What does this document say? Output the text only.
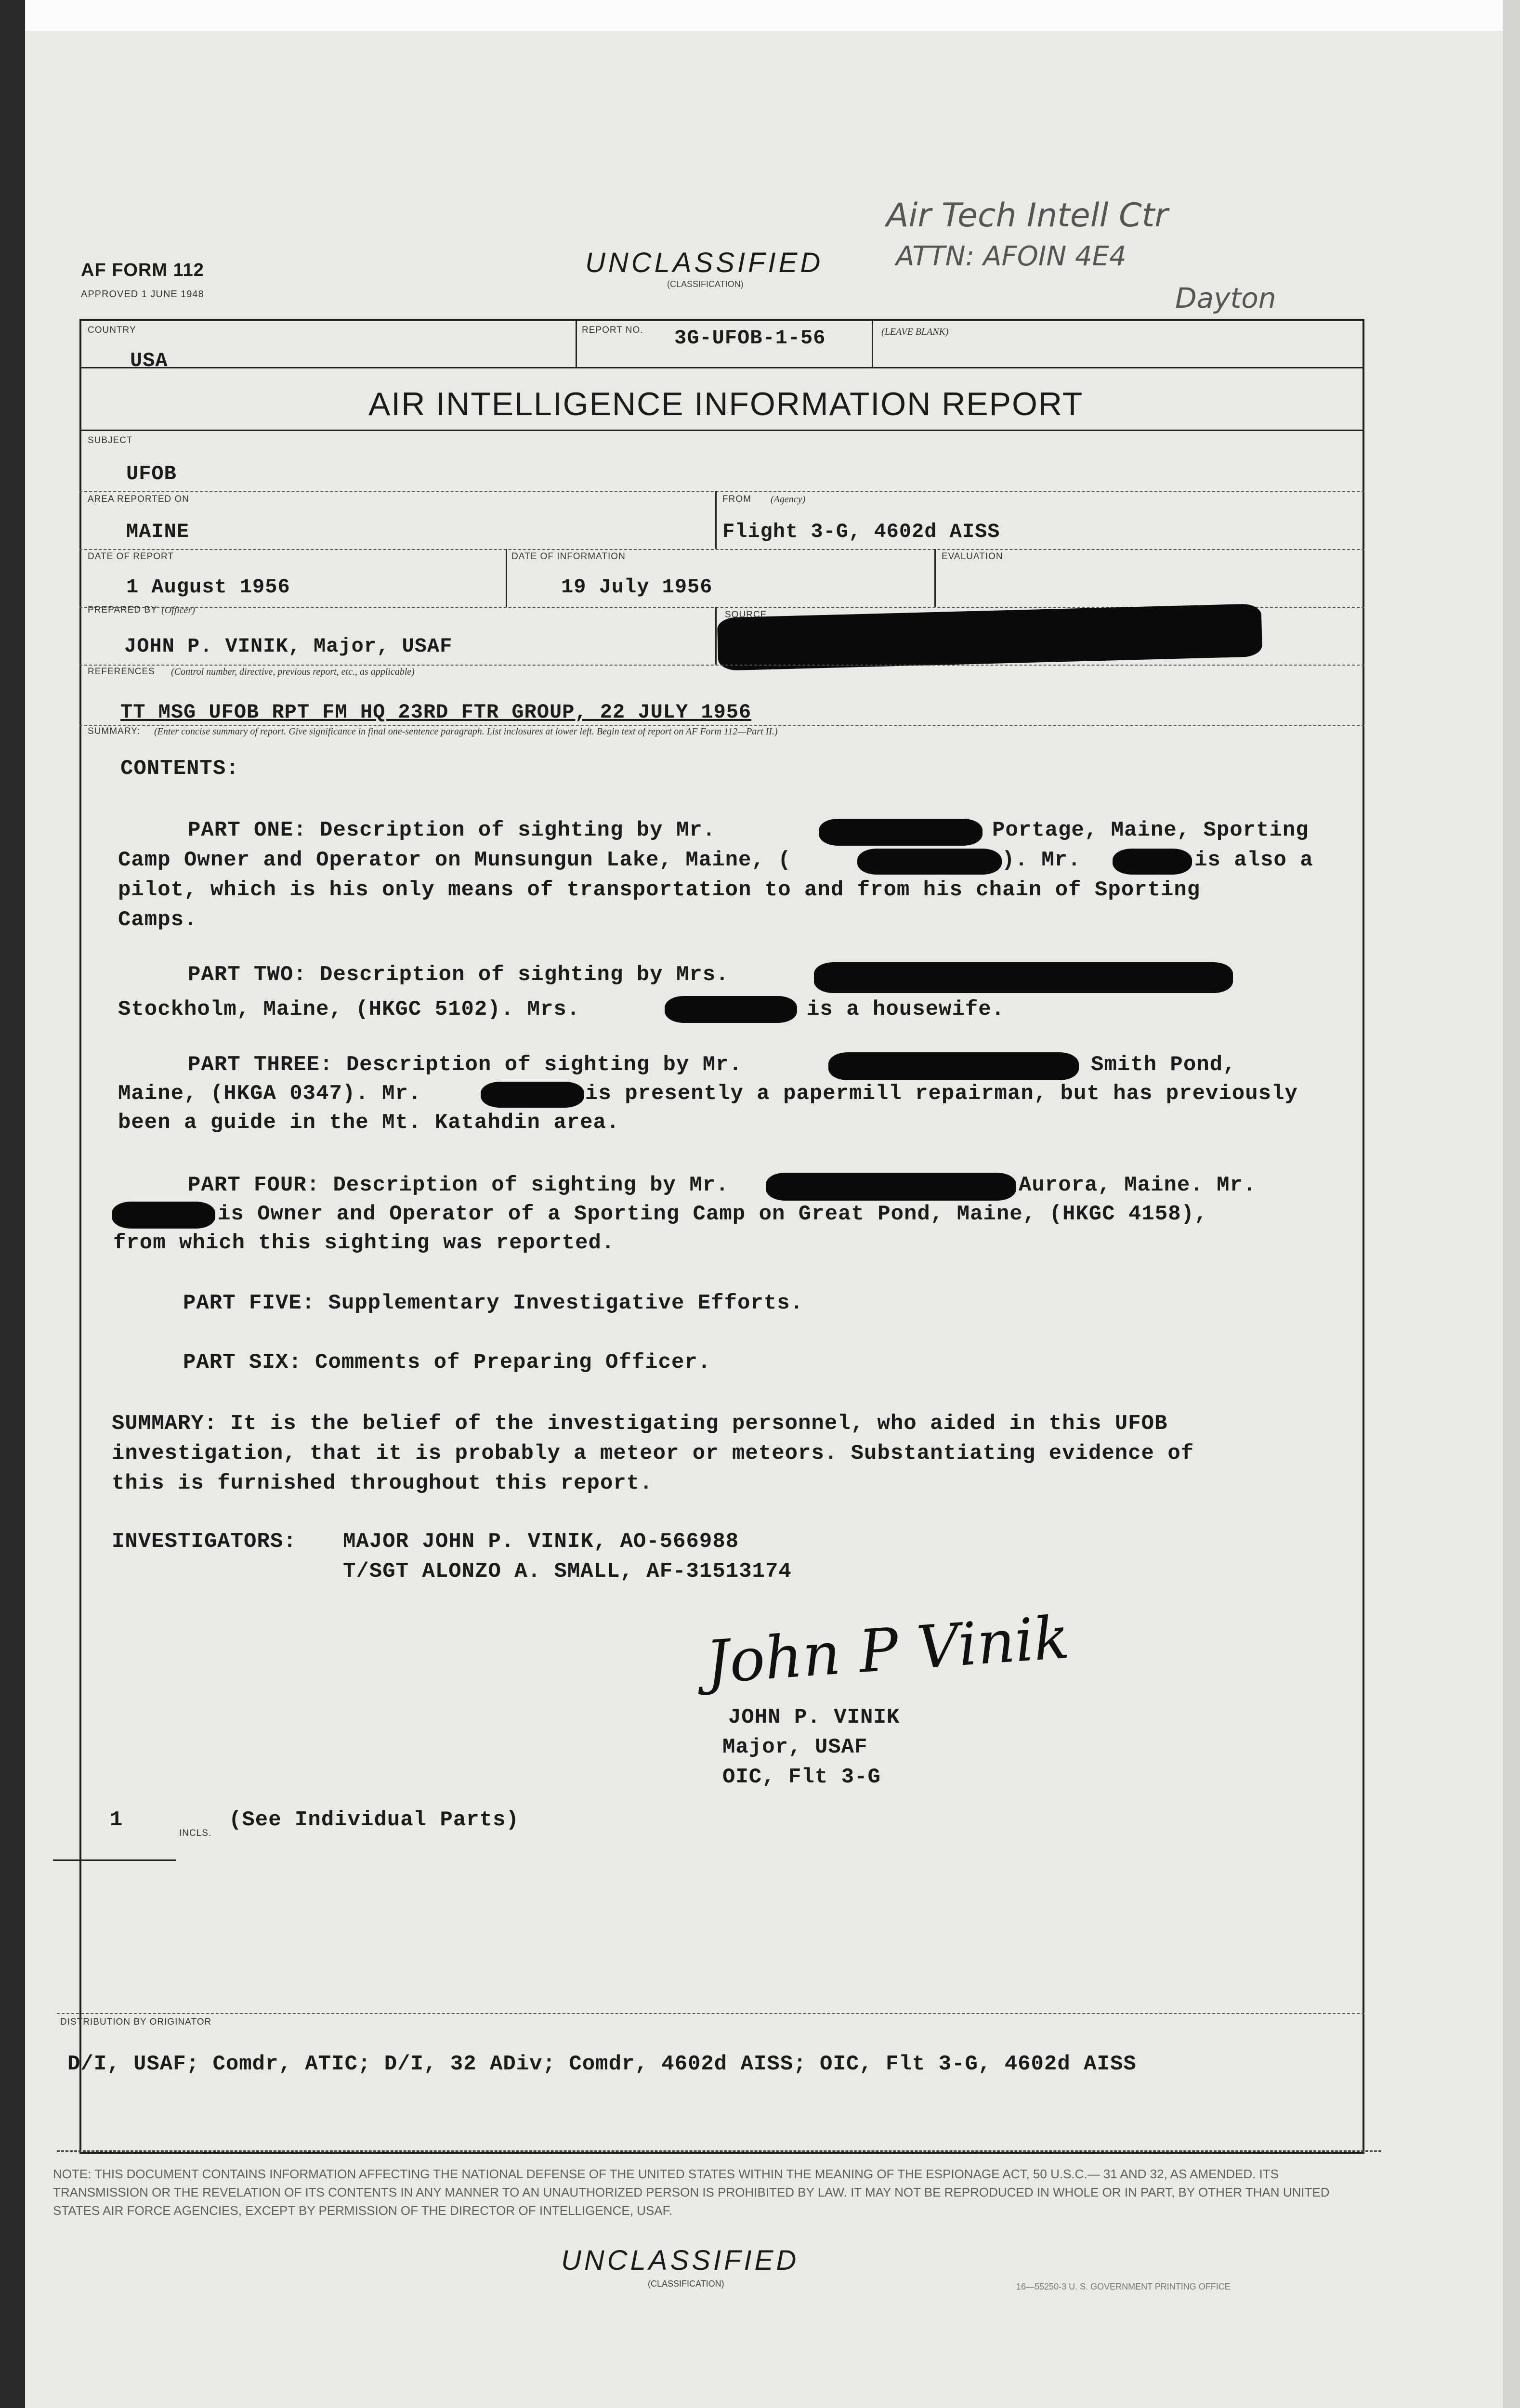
AF FORM 112
APPROVED 1 JUNE 1948
UNCLASSIFIED
(CLASSIFICATION)
Air Tech Intell Ctr
ATTN: AFOIN 4E4
Dayton
COUNTRY
USA
REPORT NO. 3G-UFOB-1-56	(LEAVE BLANK)
AIR INTELLIGENCE INFORMATION REPORT
SUBJECT
UFOB
AREA REPORTED ON
MAINE
FROM (Agency)
Flight 3-G, 4602d AISS
DATE OF REPORT
1 August 1956
DATE OF INFORMATION
19 July 1956
EVALUATION
PREPARED BY (Officer)
JOHN P. VINIK, Major, USAF
SOURCE
REFERENCES (Control number, directive, previous report, etc., as applicable)
TT MSG UFOB RPT FM HQ 23RD FTR GROUP, 22 JULY 1956
SUMMARY: (Enter concise summary of report. Give significance in final one-sentence paragraph. List inclosures at lower left. Begin text of report on AF Form 112—Part II.)
CONTENTS:
PART ONE: Description of sighting by Mr.	Portage, Maine, Sporting
Camp Owner and Operator on Munsungun Lake, Maine, (	). Mr.	is also a
pilot, which is his only means of transportation to and from his chain of Sporting
Camps.
PART TWO: Description of sighting by Mrs.
Stockholm, Maine, (HKGC 5102). Mrs.	is a housewife.
PART THREE: Description of sighting by Mr.	Smith Pond,
Maine, (HKGA 0347). Mr.	is presently a papermill repairman, but has previously
been a guide in the Mt. Katahdin area.
PART FOUR: Description of sighting by Mr.	Aurora, Maine. Mr.
is Owner and Operator of a Sporting Camp on Great Pond, Maine, (HKGC 4158),
from which this sighting was reported.
PART FIVE: Supplementary Investigative Efforts.
PART SIX: Comments of Preparing Officer.
SUMMARY: It is the belief of the investigating personnel, who aided in this UFOB
investigation, that it is probably a meteor or meteors. Substantiating evidence of
this is furnished throughout this report.
INVESTIGATORS: MAJOR JOHN P. VINIK, AO-566988
T/SGT ALONZO A. SMALL, AF-31513174
John P Vinik
JOHN P. VINIK
Major, USAF
OIC, Flt 3-G
1
INCLS.
(See Individual Parts)
DISTRIBUTION BY ORIGINATOR
D/I, USAF; Comdr, ATIC; D/I, 32 ADiv; Comdr, 4602d AISS; OIC, Flt 3-G, 4602d AISS
NOTE: THIS DOCUMENT CONTAINS INFORMATION AFFECTING THE NATIONAL DEFENSE OF THE UNITED STATES WITHIN THE MEANING OF THE ESPIONAGE ACT, 50 U.S.C.— 31 AND 32, AS AMENDED. ITS TRANSMISSION OR THE REVELATION OF ITS CONTENTS IN ANY MANNER TO AN UNAUTHORIZED PERSON IS PROHIBITED BY LAW. IT MAY NOT BE REPRODUCED IN WHOLE OR IN PART, BY OTHER THAN UNITED STATES AIR FORCE AGENCIES, EXCEPT BY PERMISSION OF THE DIRECTOR OF INTELLIGENCE, USAF.
UNCLASSIFIED
(CLASSIFICATION)	16—55250-3 U. S. GOVERNMENT PRINTING OFFICE
